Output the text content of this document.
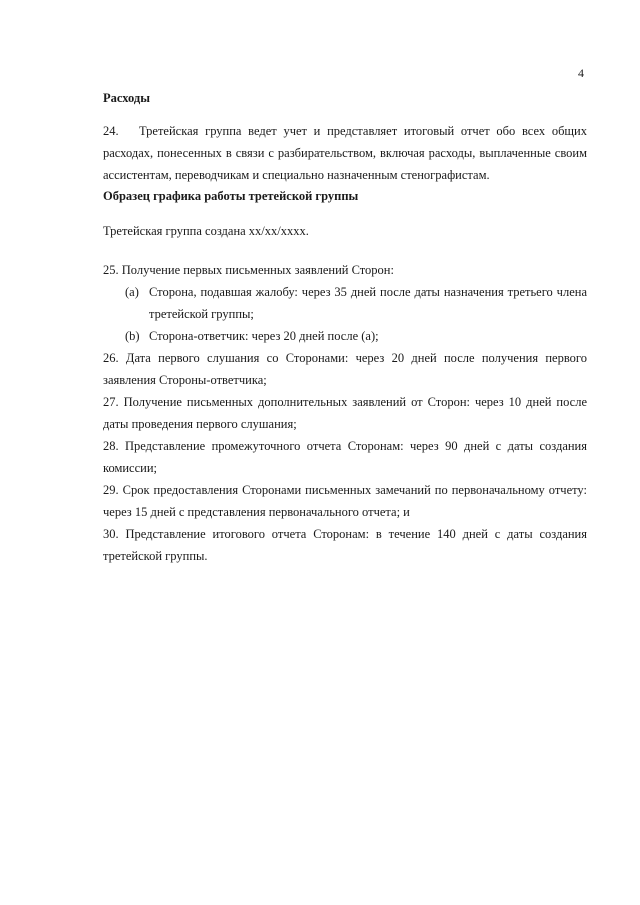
4

Расходы

24. Третейская группа ведет учет и представляет итоговый отчет обо всех общих расходах, понесенных в связи с разбирательством, включая расходы, выплаченные своим ассистентам, переводчикам и специально назначенным стенографистам.

Образец графика работы третейской группы

Третейская группа создана xx/xx/xxxx.

25. Получение первых письменных заявлений Сторон:

(a) Сторона, подавшая жалобу: через 35 дней после даты назначения третьего члена третейской группы;
(b) Сторона-ответчик: через 20 дней после (а);

26. Дата первого слушания со Сторонами: через 20 дней после получения первого заявления Стороны-ответчика;

27. Получение письменных дополнительных заявлений от Сторон: через 10 дней после даты проведения первого слушания;

28. Представление промежуточного отчета Сторонам: через 90 дней с даты создания комиссии;

29. Срок предоставления Сторонами письменных замечаний по первоначальному отчету: через 15 дней с представления первоначального отчета; и

30. Представление итогового отчета Сторонам: в течение 140 дней с даты создания третейской группы.
